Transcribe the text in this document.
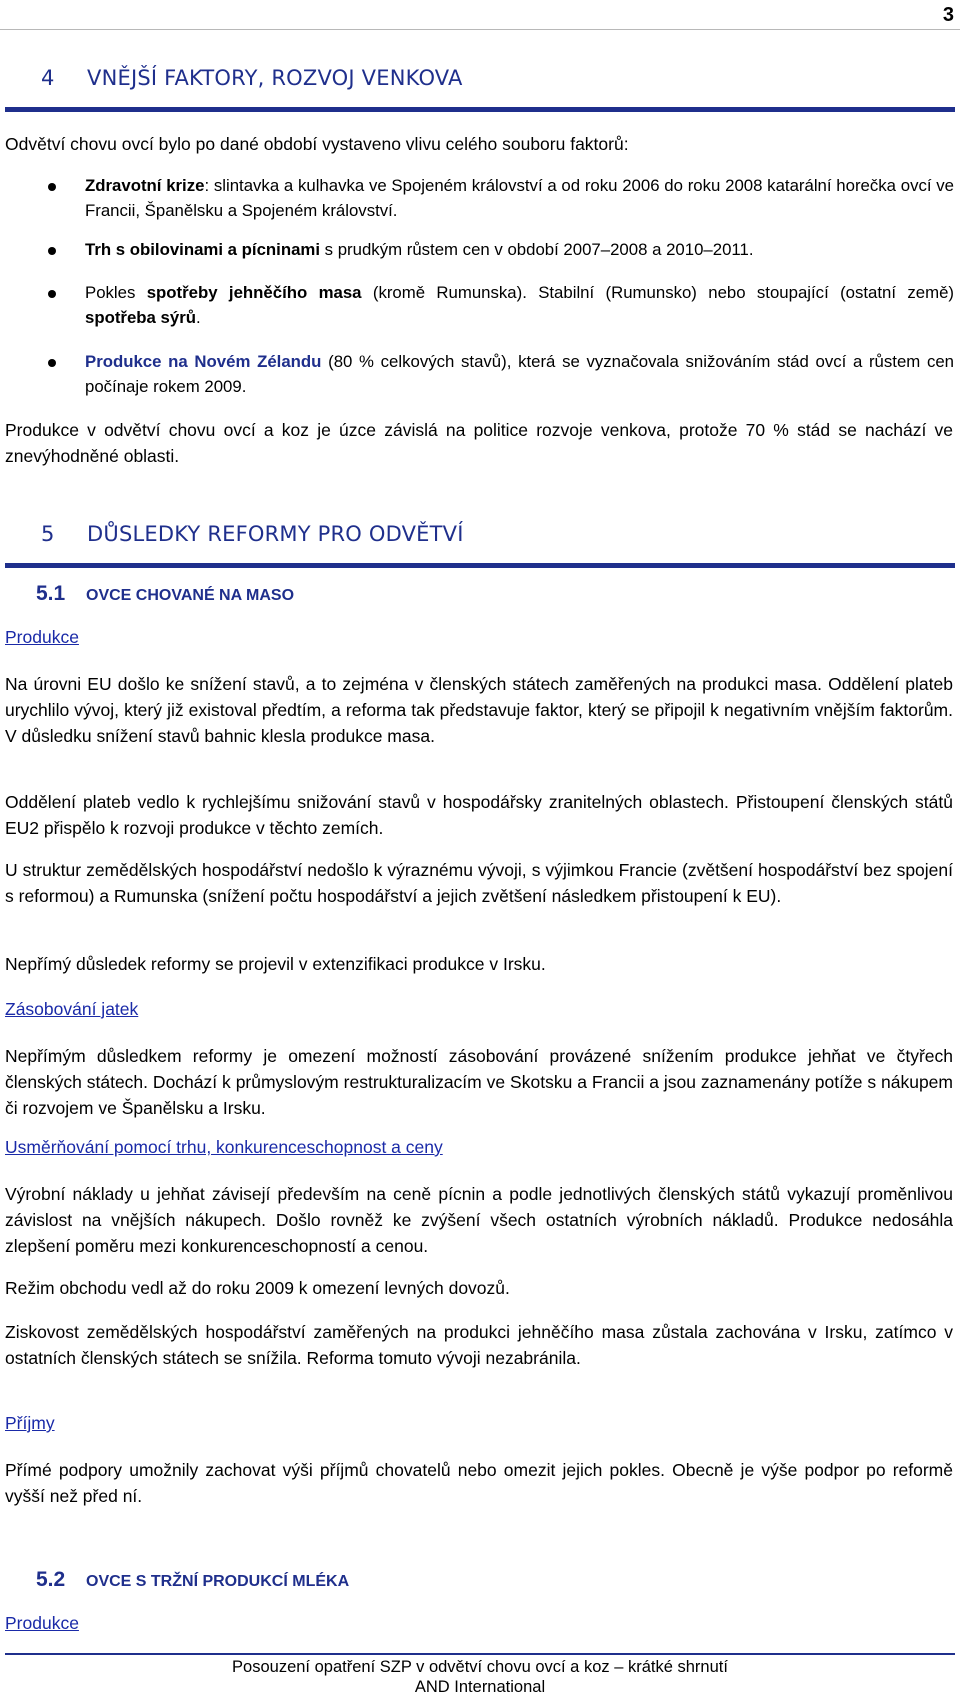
3
4 VNĚJŠÍ FAKTORY, ROZVOJ VENKOVA
Odvětví chovu ovcí bylo po dané období vystaveno vlivu celého souboru faktorů:
Zdravotní krize: slintavka a kulhavka ve Spojeném království a od roku 2006 do roku 2008 katarální horečka ovcí ve Francii, Španělsku a Spojeném království.
Trh s obilovinami a pícninami s prudkým růstem cen v období 2007–2008 a 2010–2011.
Pokles spotřeby jehněčího masa (kromě Rumunska). Stabilní (Rumunsko) nebo stoupající (ostatní země) spotřeba sýrů.
Produkce na Novém Zélandu (80 % celkových stavů), která se vyznačovala snižováním stád ovcí a růstem cen počínaje rokem 2009.
Produkce v odvětví chovu ovcí a koz je úzce závislá na politice rozvoje venkova, protože 70 % stád se nachází ve znevýhodněné oblasti.
5 DŮSLEDKY REFORMY PRO ODVĚTVÍ
5.1 OVCE CHOVANÉ NA MASO
Produkce
Na úrovni EU došlo ke snížení stavů, a to zejména v členských státech zaměřených na produkci masa. Oddělení plateb urychlilo vývoj, který již existoval předtím, a reforma tak představuje faktor, který se připojil k negativním vnějším faktorům. V důsledku snížení stavů bahnic klesla produkce masa.
Oddělení plateb vedlo k rychlejšímu snižování stavů v hospodářsky zranitelných oblastech. Přistoupení členských států EU2 přispělo k rozvoji produkce v těchto zemích.
U struktur zemědělských hospodářství nedošlo k výraznému vývoji, s výjimkou Francie (zvětšení hospodářství bez spojení s reformou) a Rumunska (snížení počtu hospodářství a jejich zvětšení následkem přistoupení k EU).
Nepřímý důsledek reformy se projevil v extenzifikaci produkce v Irsku.
Zásobování jatek
Nepřímým důsledkem reformy je omezení možností zásobování provázené snížením produkce jehňat ve čtyřech členských státech. Dochází k průmyslovým restrukturalizacím ve Skotsku a Francii a jsou zaznamenány potíže s nákupem či rozvojem ve Španělsku a Irsku.
Usměrňování pomocí trhu, konkurenceschopnost a ceny
Výrobní náklady u jehňat závisejí především na ceně pícnin a podle jednotlivých členských států vykazují proměnlivou závislost na vnějších nákupech. Došlo rovněž ke zvýšení všech ostatních výrobních nákladů. Produkce nedosáhla zlepšení poměru mezi konkurenceschopností a cenou.
Režim obchodu vedl až do roku 2009 k omezení levných dovozů.
Ziskovost zemědělských hospodářství zaměřených na produkci jehněčího masa zůstala zachována v Irsku, zatímco v ostatních členských státech se snížila. Reforma tomuto vývoji nezabránila.
Příjmy
Přímé podpory umožnily zachovat výši příjmů chovatelů nebo omezit jejich pokles. Obecně je výše podpor po reformě vyšší než před ní.
5.2 OVCE S TRŽNÍ PRODUKCÍ MLÉKA
Produkce
Posouzení opatření SZP v odvětví chovu ovcí a koz – krátké shrnutí
AND International
